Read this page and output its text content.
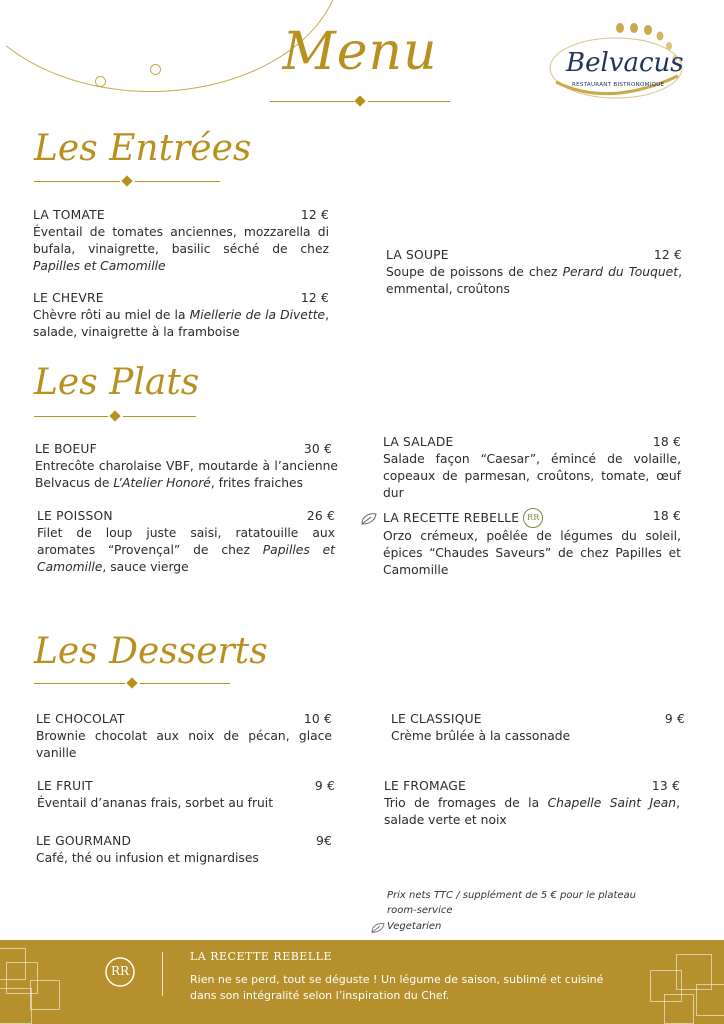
Menu	Belvacus
RESTAURANT BISTRONOMIQUE
Les Entrées
LA TOMATE	12 €
Éventail de tomates anciennes, mozzarella di bufala, vinaigrette, basilic séché de chez Papilles et Camomille
LE CHEVRE	12 €
Chèvre rôti au miel de la Miellerie de la Divette, salade, vinaigrette à la framboise
LA SOUPE	12 €
Soupe de poissons de chez Perard du Touquet, emmental, croûtons
Les Plats
LE BOEUF	30 €
Entrecôte charolaise VBF, moutarde à l’ancienne Belvacus de L’Atelier Honoré, frites fraiches
LE POISSON	26 €
Filet de loup juste saisi, ratatouille aux aromates “Provençal” de chez Papilles et Camomille, sauce vierge
LA SALADE	18 €
Salade façon “Caesar”, émincé de volaille, copeaux de parmesan, croûtons, tomate, œuf dur
LA RECETTE REBELLE RR	18 €
Orzo crémeux, poêlée de légumes du soleil, épices “Chaudes Saveurs” de chez Papilles et Camomille
Les Desserts
LE CHOCOLAT	10 €
Brownie chocolat aux noix de pécan, glace vanille
LE FRUIT	9 €
Éventail d’ananas frais, sorbet au fruit
LE GOURMAND	9€
Café, thé ou infusion et mignardises
LE CLASSIQUE	9 €
Crème brûlée à la cassonade
LE FROMAGE	13 €
Trio de fromages de la Chapelle Saint Jean, salade verte et noix
Prix nets TTC / supplément de 5 € pour le plateau room-service
Vegetarien
RR
LA RECETTE REBELLE
Rien ne se perd, tout se déguste ! Un légume de saison, sublimé et cuisiné dans son intégralité selon l’inspiration du Chef.
